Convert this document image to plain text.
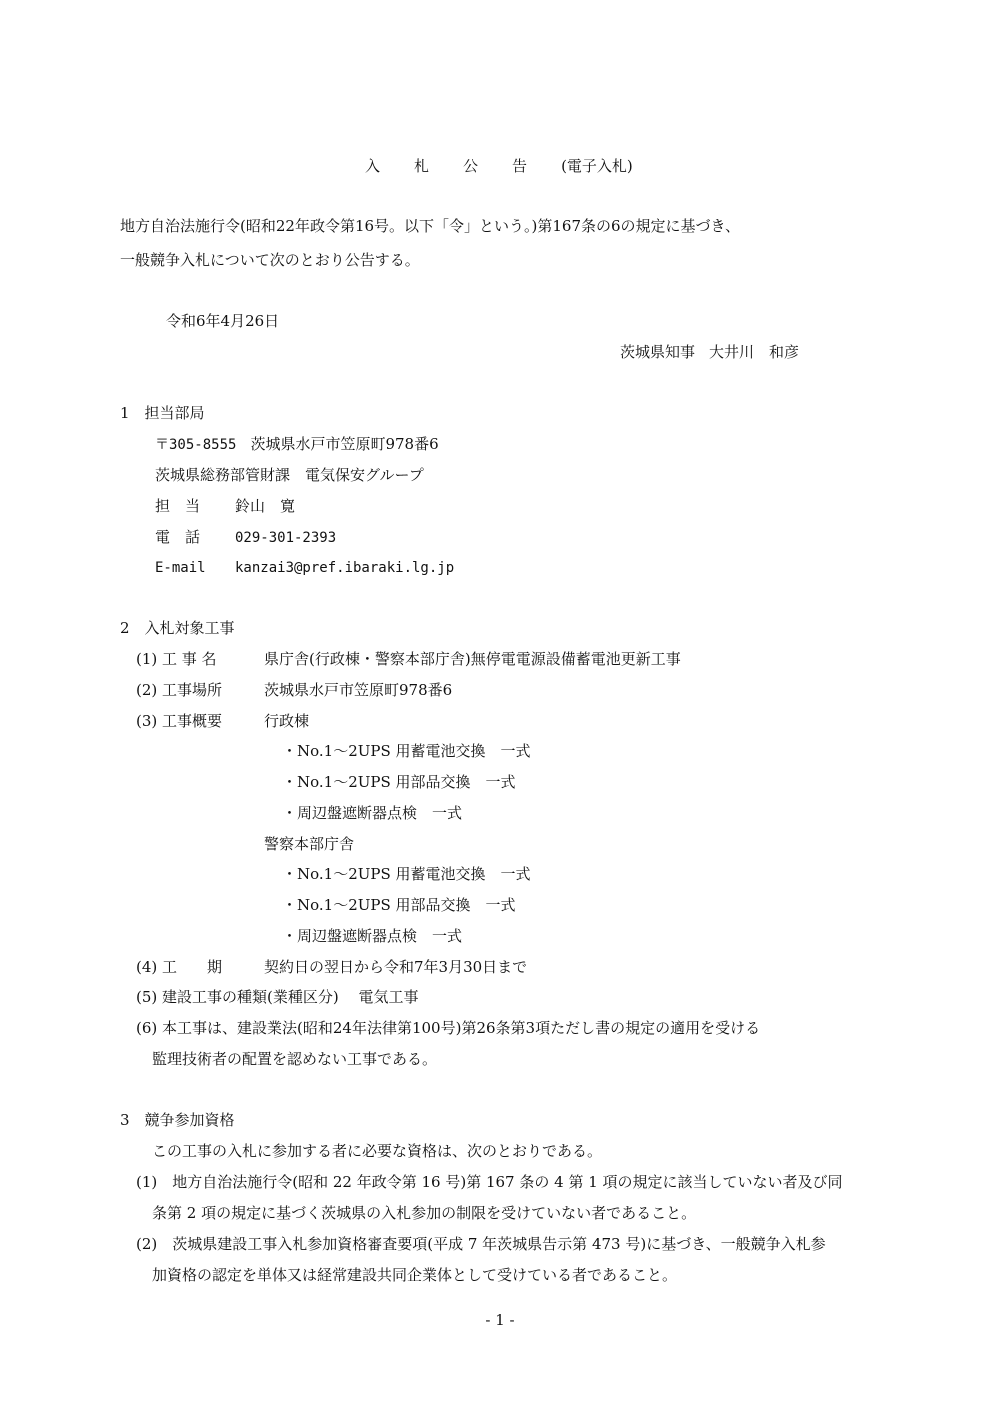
入 札 公 告 (電子入札)
地方自治法施行令(昭和22年政令第16号。以下「令」という。)第167条の6の規定に基づき、
一般競争入札について次のとおり公告する。
令和6年4月26日
茨城県知事 大井川　和彦
1　担当部局
〒305-8555 茨城県水戸市笠原町978番6
茨城県総務部管財課　電気保安グループ
担　当 鈴山　寛
電　話 029-301-2393
E-mail kanzai3@pref.ibaraki.lg.jp
2　入札対象工事
(1) 工 事 名	県庁舎(行政棟・警察本部庁舎)無停電電源設備蓄電池更新工事
(2) 工事場所	茨城県水戸市笠原町978番6
(3) 工事概要	行政棟
・No.1～2UPS 用蓄電池交換　一式
・No.1～2UPS 用部品交換　一式
・周辺盤遮断器点検　一式
警察本部庁舎
・No.1～2UPS 用蓄電池交換　一式
・No.1～2UPS 用部品交換　一式
・周辺盤遮断器点検　一式
(4) 工　　期	契約日の翌日から令和7年3月30日まで
(5) 建設工事の種類(業種区分)　 電気工事
(6) 本工事は、建設業法(昭和24年法律第100号)第26条第3項ただし書の規定の適用を受ける
監理技術者の配置を認めない工事である。
3　競争参加資格
この工事の入札に参加する者に必要な資格は、次のとおりである。
(1)　地方自治法施行令(昭和 22 年政令第 16 号)第 167 条の 4 第 1 項の規定に該当していない者及び同
条第 2 項の規定に基づく茨城県の入札参加の制限を受けていない者であること。
(2)　茨城県建設工事入札参加資格審査要項(平成 7 年茨城県告示第 473 号)に基づき、一般競争入札参
加資格の認定を単体又は経常建設共同企業体として受けている者であること。
- 1 -
